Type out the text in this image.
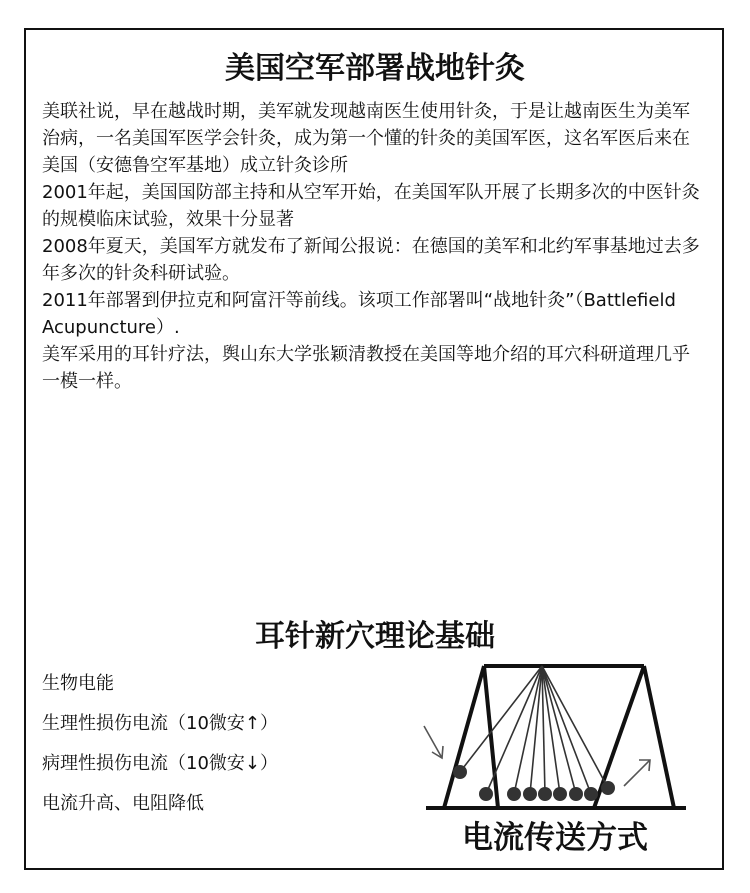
美国空军部署战地针灸

美联社说，早在越战时期，美军就发现越南医生使用针灸，于是让越南医生为美军治病，一名美国军医学会针灸，成为第一个懂的针灸的美国军医，这名军医后来在美国（安德鲁空军基地）成立针灸诊所

2001年起，美国国防部主持和从空军开始，在美国军队开展了长期多次的中医针灸的规模临床试验，效果十分显著

2008年夏天，美国军方就发布了新闻公报说：在德国的美军和北约军事基地过去多年多次的针灸科研试验。

2011年部署到伊拉克和阿富汗等前线。该项工作部署叫“战地针灸”（Battlefield Acupuncture）.

美军采用的耳针疗法，舆山东大学张颖清教授在美国等地介绍的耳穴科研道理几乎一模一样。

耳针新穴理论基础

生物电能

生理性损伤电流（10微安↑）

病理性损伤电流（10微安↓）

电流升高、电阻降低

电流传送方式
